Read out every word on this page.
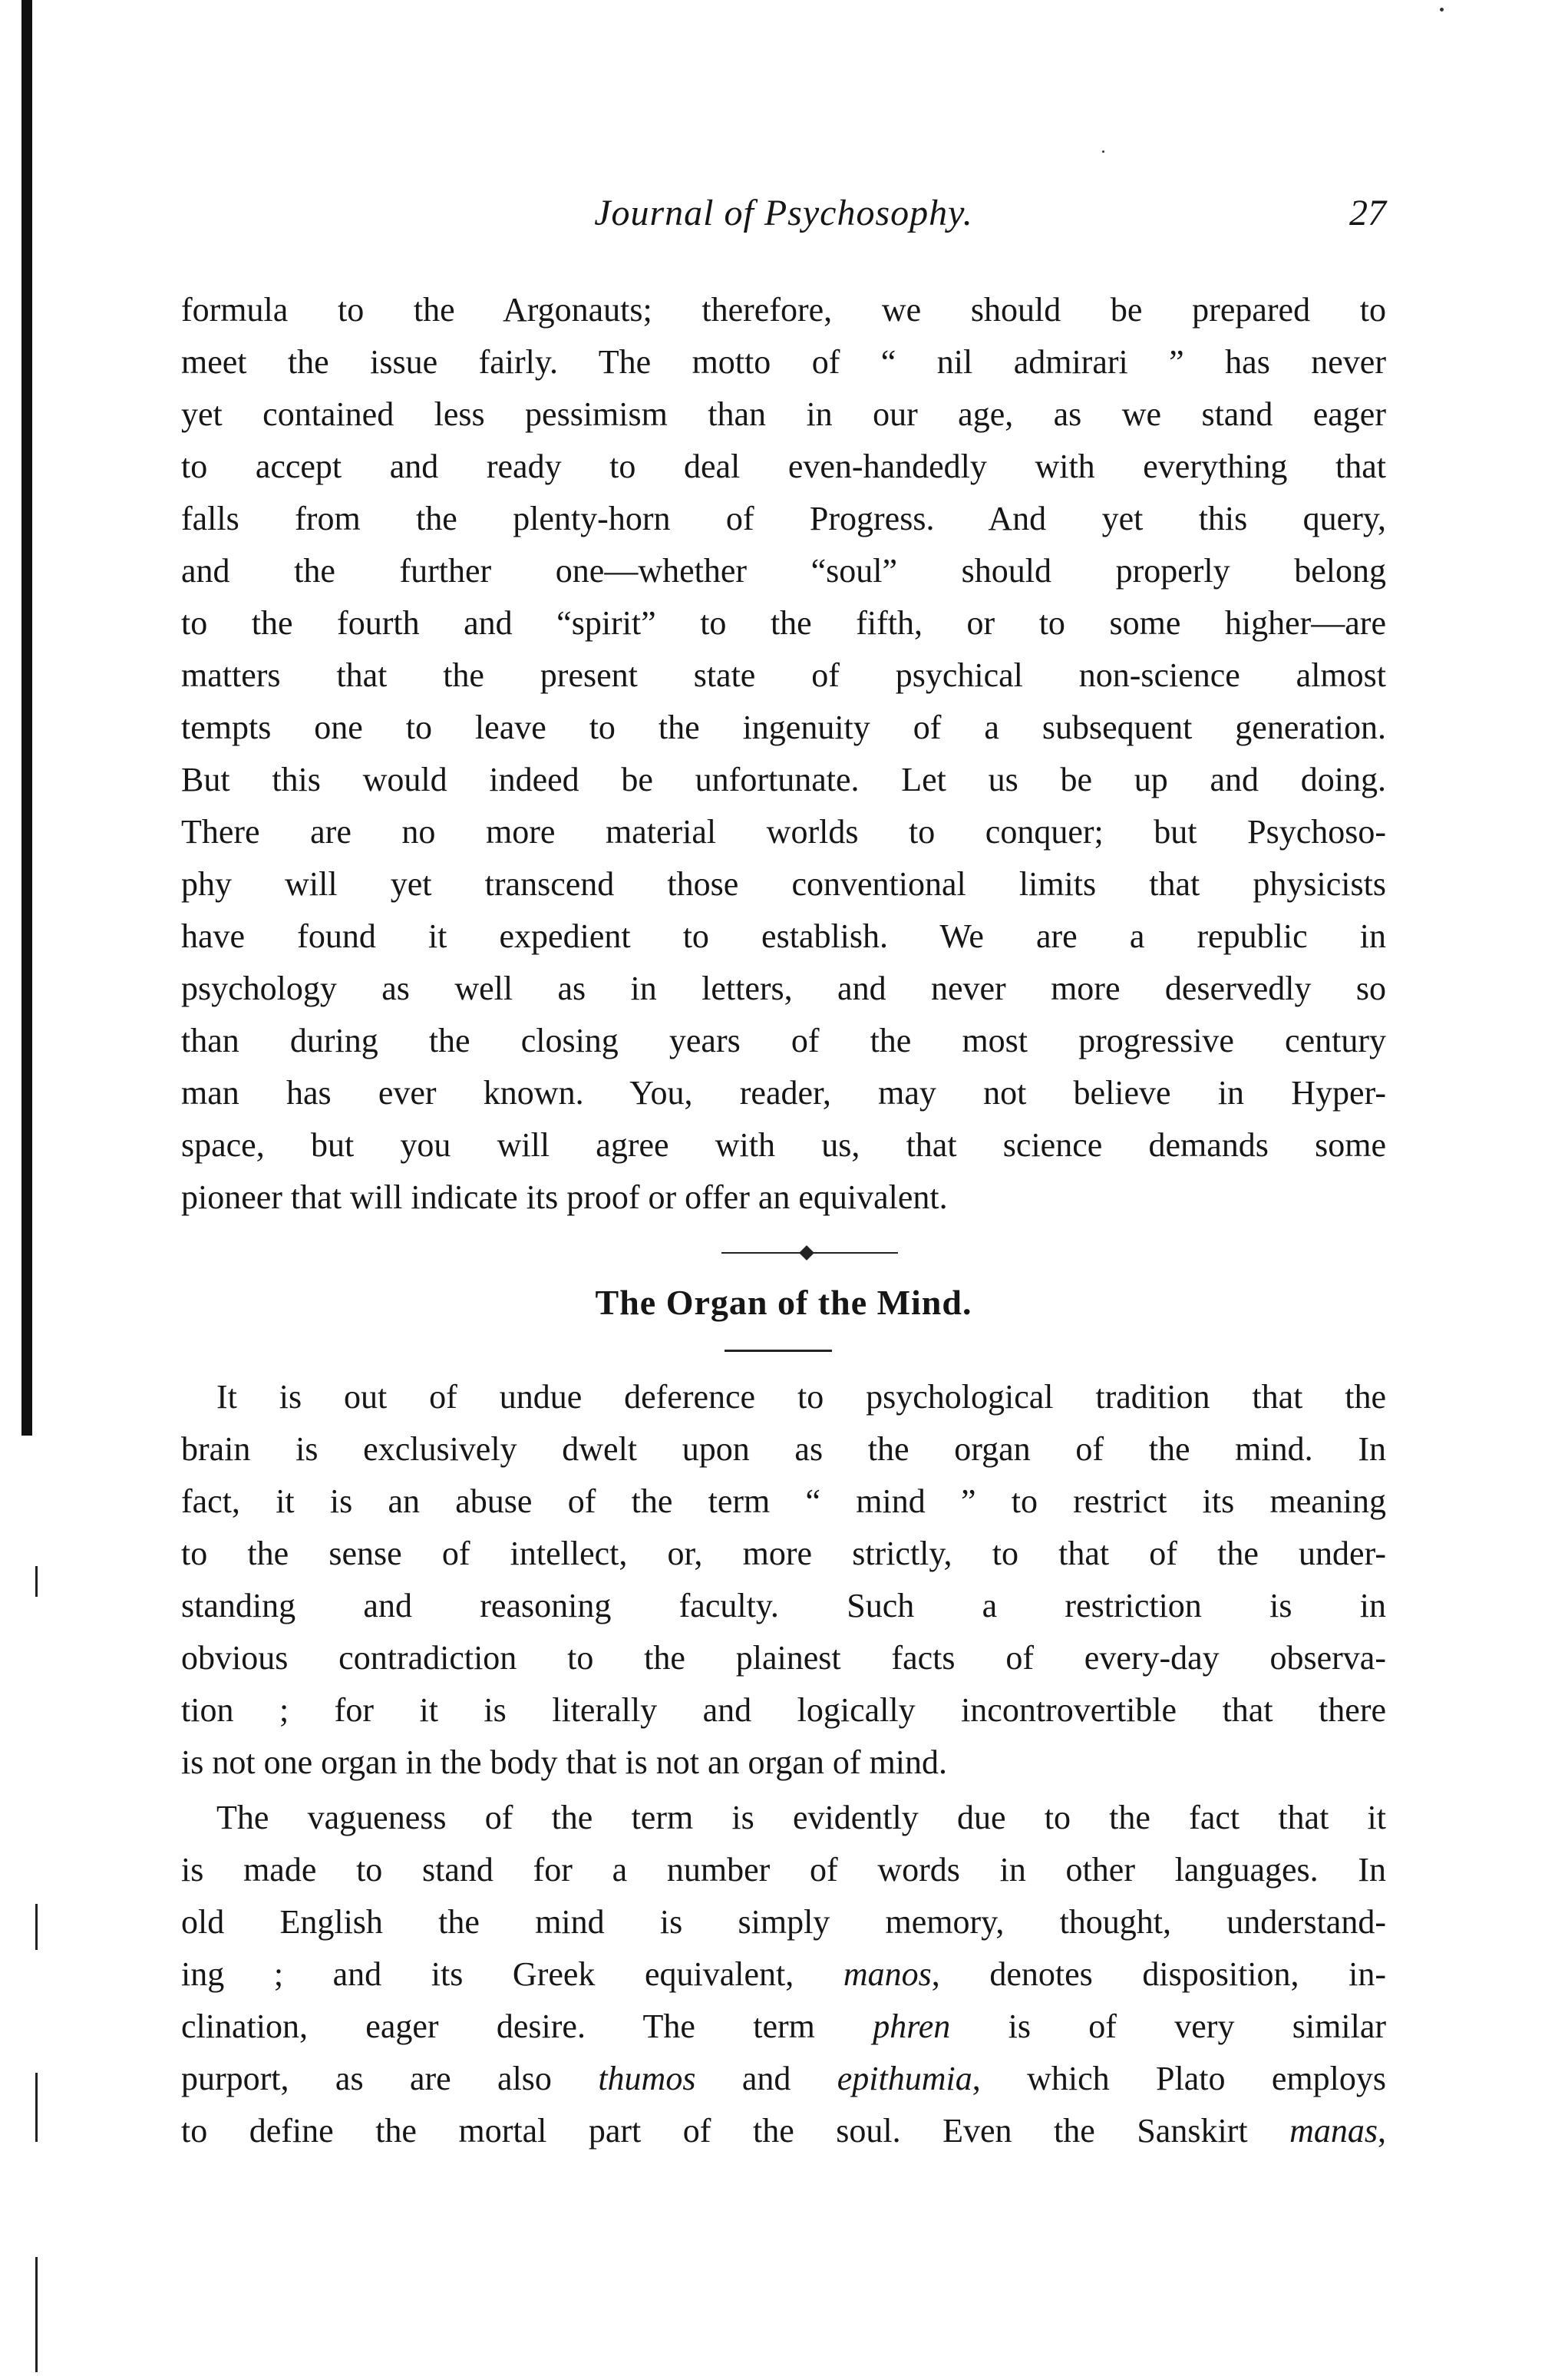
Journal of Psychosophy.	27
formula to the Argonauts; therefore, we should be prepared to
meet the issue fairly. The motto of “ nil admirari ” has never
yet contained less pessimism than in our age, as we stand eager
to accept and ready to deal even-handedly with everything that
falls from the plenty-horn of Progress. And yet this query,
and the further one—whether “soul” should properly belong
to the fourth and “spirit” to the fifth, or to some higher—are
matters that the present state of psychical non-science almost
tempts one to leave to the ingenuity of a subsequent generation.
But this would indeed be unfortunate. Let us be up and doing.
There are no more material worlds to conquer; but Psychoso-
phy will yet transcend those conventional limits that physicists
have found it expedient to establish. We are a republic in
psychology as well as in letters, and never more deservedly so
than during the closing years of the most progressive century
man has ever known. You, reader, may not believe in Hyper-
space, but you will agree with us, that science demands some
pioneer that will indicate its proof or offer an equivalent.
The Organ of the Mind.
It is out of undue deference to psychological tradition that the
brain is exclusively dwelt upon as the organ of the mind. In
fact, it is an abuse of the term “ mind ” to restrict its meaning
to the sense of intellect, or, more strictly, to that of the under-
standing and reasoning faculty. Such a restriction is in
obvious contradiction to the plainest facts of every-day observa-
tion ; for it is literally and logically incontrovertible that there
is not one organ in the body that is not an organ of mind.
The vagueness of the term is evidently due to the fact that it
is made to stand for a number of words in other languages. In
old English the mind is simply memory, thought, understand-
ing ; and its Greek equivalent, manos, denotes disposition, in-
clination, eager desire. The term phren is of very similar
purport, as are also thumos and epithumia, which Plato employs
to define the mortal part of the soul. Even the Sanskirt manas,
